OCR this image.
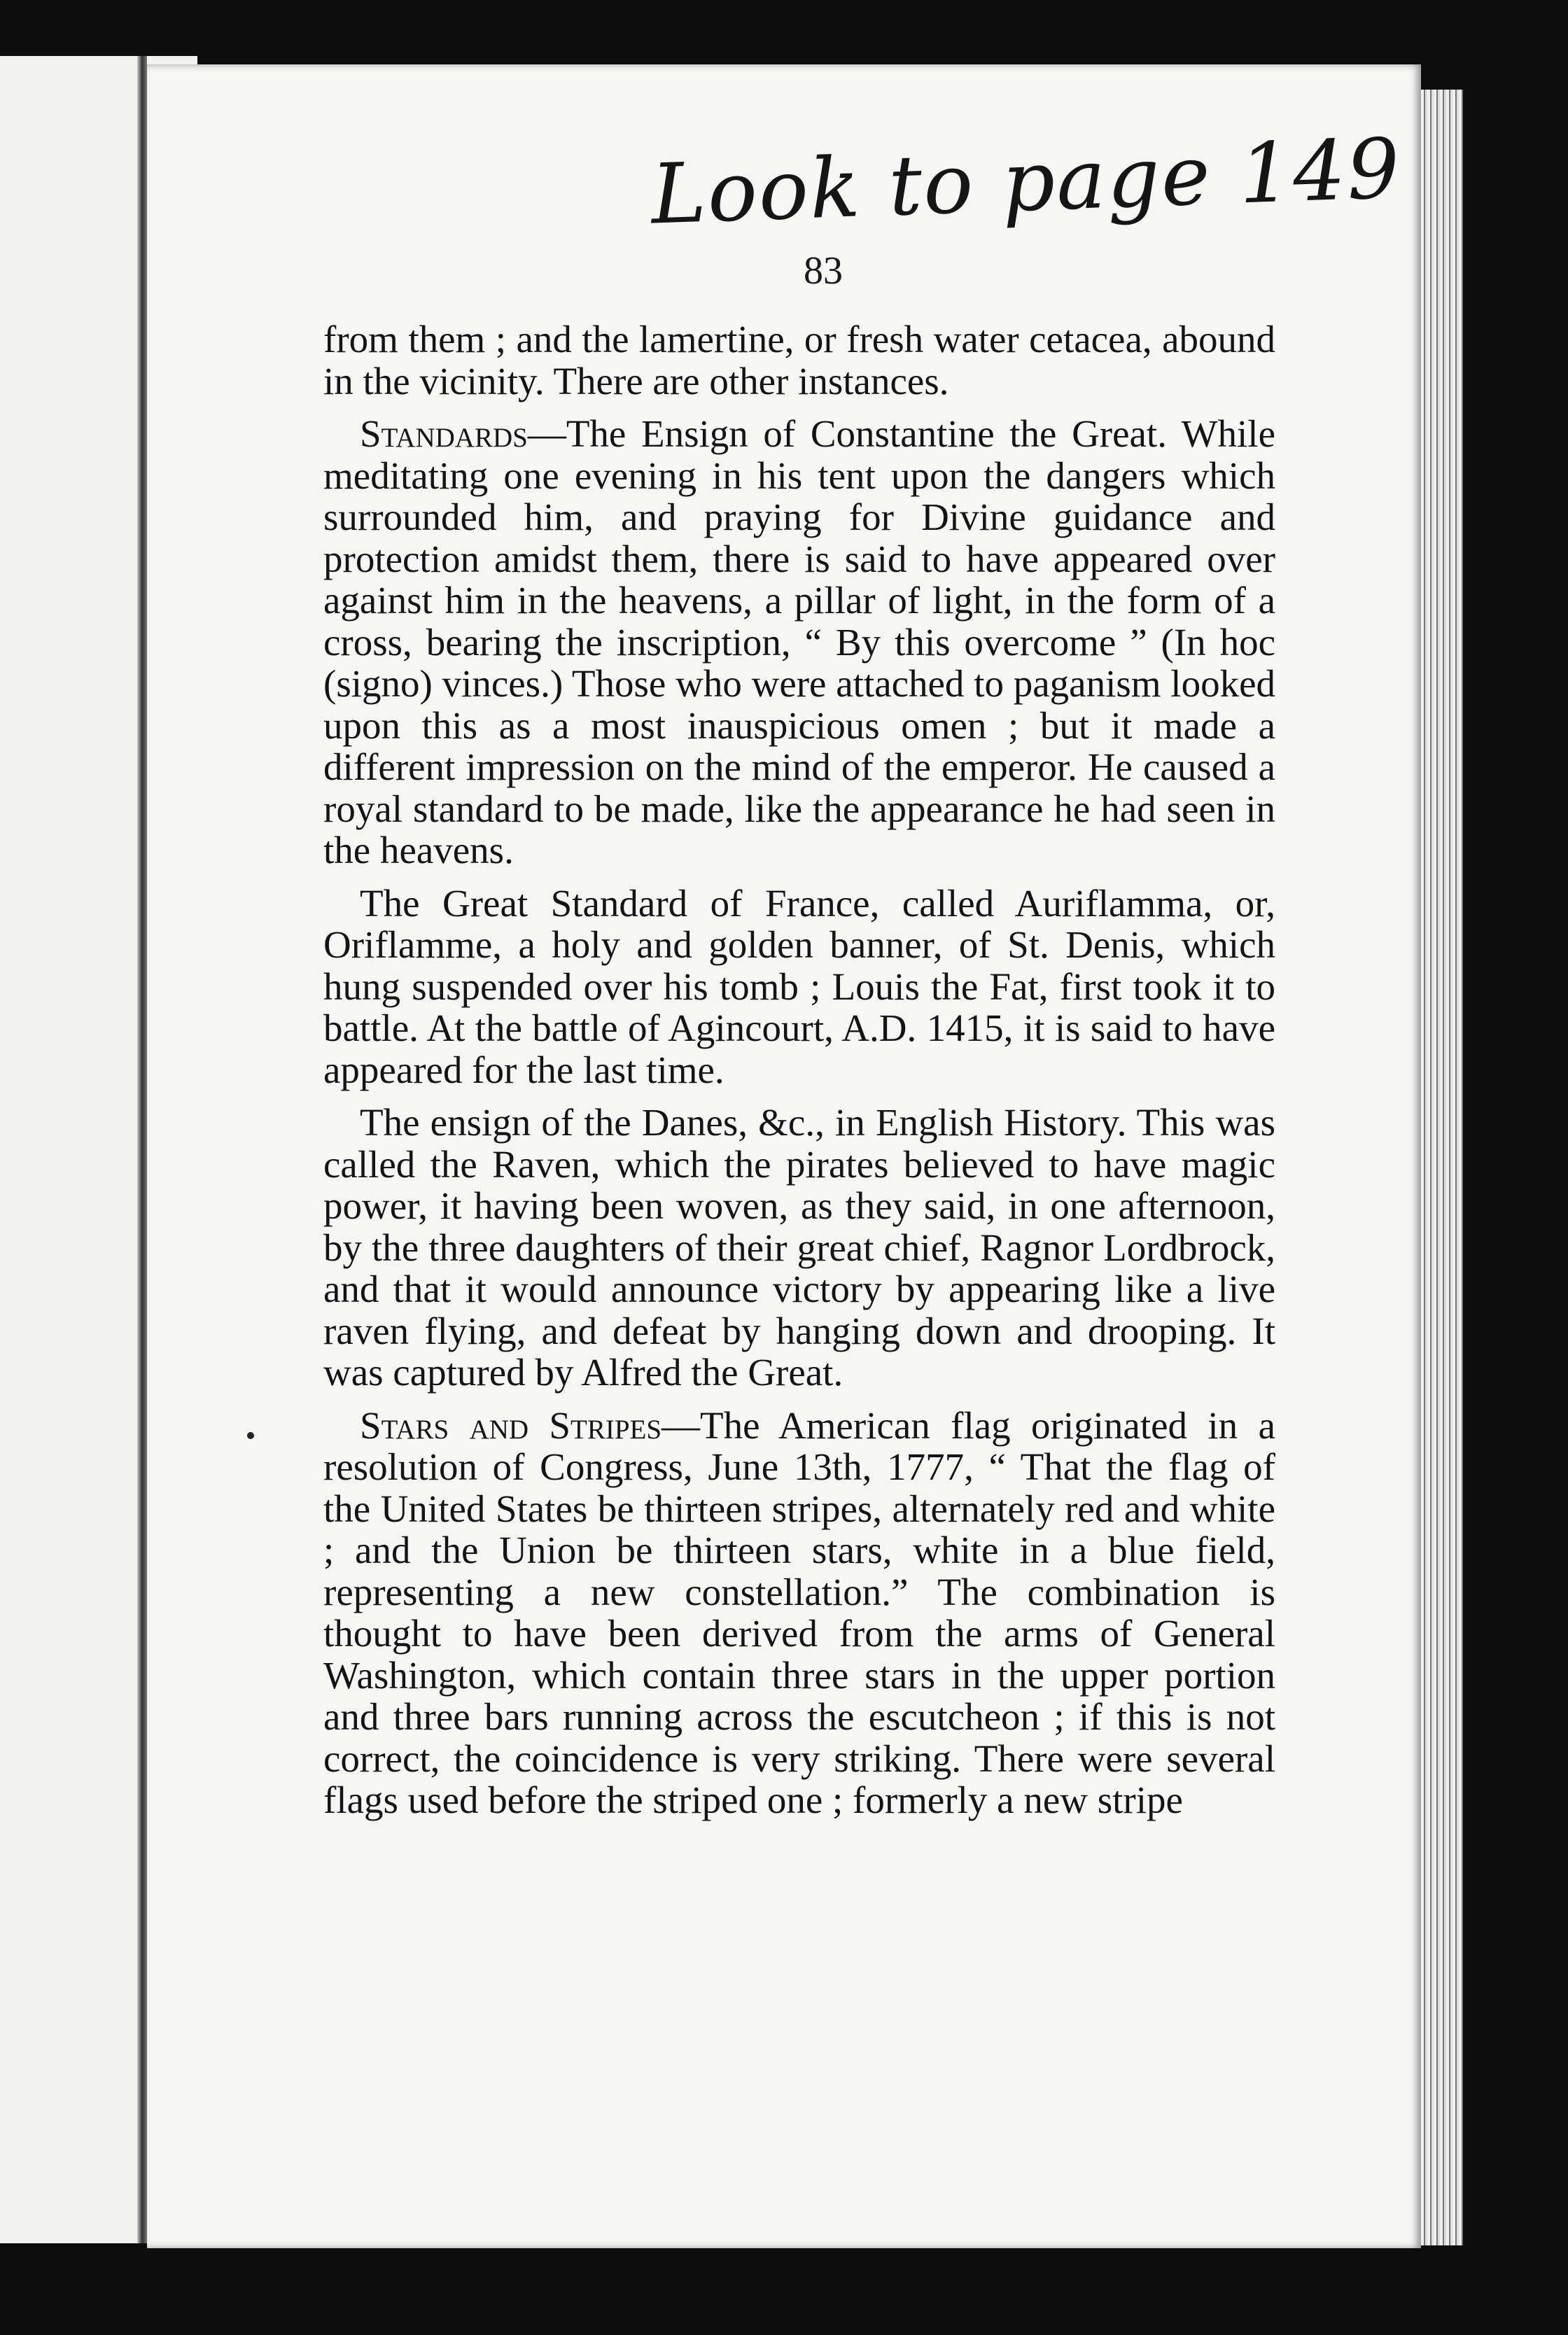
Look to page 149
83

from them ; and the lamertine, or fresh water cetacea, abound in the vicinity. There are other instances.

Standards—The Ensign of Constantine the Great. While meditating one evening in his tent upon the dangers which surrounded him, and praying for Divine guidance and protection amidst them, there is said to have appeared over against him in the heavens, a pillar of light, in the form of a cross, bearing the inscription, “ By this overcome ” (In hoc (signo) vinces.) Those who were attached to paganism looked upon this as a most inauspicious omen ; but it made a different impression on the mind of the emperor. He caused a royal standard to be made, like the appearance he had seen in the heavens.

The Great Standard of France, called Auriflamma, or, Oriflamme, a holy and golden banner, of St. Denis, which hung suspended over his tomb ; Louis the Fat, first took it to battle. At the battle of Agincourt, A.D. 1415, it is said to have appeared for the last time.

The ensign of the Danes, &c., in English History. This was called the Raven, which the pirates believed to have magic power, it having been woven, as they said, in one afternoon, by the three daughters of their great chief, Ragnor Lordbrock, and that it would announce victory by appearing like a live raven flying, and defeat by hanging down and drooping. It was captured by Alfred the Great.

Stars and Stripes—The American flag originated in a resolution of Congress, June 13th, 1777, “ That the flag of the United States be thirteen stripes, alternately red and white ; and the Union be thirteen stars, white in a blue field, representing a new constellation.” The combination is thought to have been derived from the arms of General Washington, which contain three stars in the upper portion and three bars running across the escutcheon ; if this is not correct, the coincidence is very striking. There were several flags used before the striped one ; formerly a new stripe
